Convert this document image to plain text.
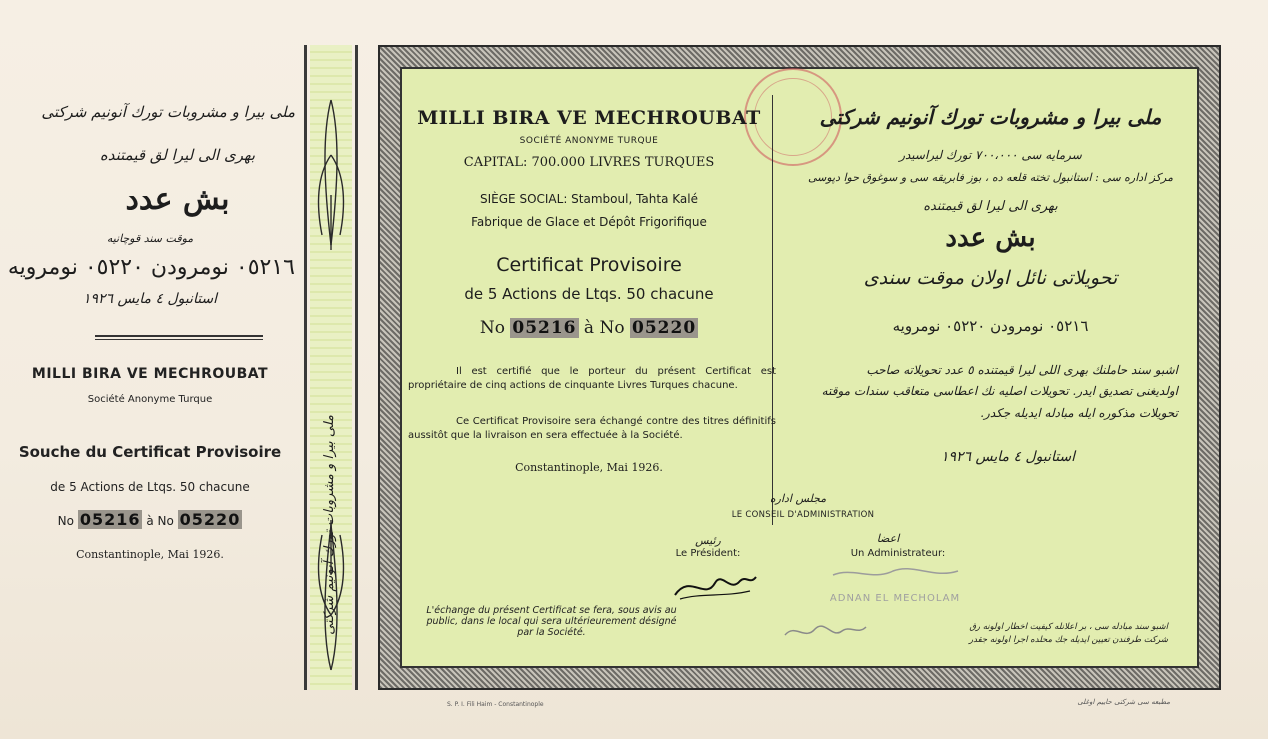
ملی بیرا و مشروبات تورك آنونیم شركتی
بهری الی لیرا لق قیمتنده
بش عدد
موقت سند قوچانیه
٠٥٢١٦ نومرودن ٠٥٢٢٠ نومرویه
استانبول ٤ مایس ١٩٢٦
MILLI BIRA VE MECHROUBAT
Société Anonyme Turque
Souche du Certificat Provisoire
de 5 Actions de Ltqs. 50 chacune
No 05216 à No 05220
Constantinople, Mai 1926.	ملی بیرا و مشروبات تورك آنونیم شركتی
MILLI BIRA VE MECHROUBAT
SOCIÉTÉ ANONYME TURQUE
CAPITAL: 700.000 LIVRES TURQUES
SIÈGE SOCIAL: Stamboul, Tahta Kalé
Fabrique de Glace et Dépôt Frigorifique
Certificat Provisoire
de 5 Actions de Ltqs. 50 chacune
No 05216 à No 05220
Il est certifié que le porteur du présent Certificat est propriétaire de cinq actions de cinquante Livres Turques chacune.
Ce Certificat Provisoire sera échangé contre des titres définitifs aussitôt que la livraison en sera effectuée à la Société.
Constantinople, Mai 1926.
ملی بیرا و مشروبات تورك آنونیم شركتی
سرمایه سی ٧٠٠،٠٠٠ تورك لیراسیدر
مركز اداره سی : استانبول تخته قلعه ده ، بوز فابریقه سی و سوغوق حوا دپوسی
بهری الی لیرا لق قیمتنده
بش عدد
تحویلاتی نائل اولان موقت سندی
٠٥٢١٦ نومرودن ٠٥٢٢٠ نومرویه
اشبو سند حاملنك بهری اللی لیرا قیمتنده ٥ عدد تحویلاته صاحب
اولدیغنی تصدیق ایدر. تحویلات اصلیه نك اعطاسی متعاقب سندات موقته
تحویلات مذكوره ایله مبادله ایدیله جكدر.
استانبول ٤ مایس ١٩٢٦
مجلس اداره
LE CONSEIL D'ADMINISTRATION
رئیس
Le Président:
اعضا
Un Administrateur:
ADNAN EL MECHOLAM
L'échange du présent Certificat se fera, sous avis au public, dans le local qui sera ultérieurement désigné par la Société.	اشبو سند مبادله سی ، بر اعلانله كیفیت اخطار اولونه رق
شركت طرفندن تعیین ایدیله جك محلده اجرا اولونه جقدر
S. P. I. Fili Haim - Constantinople	مطبعه سی شركتی حاییم اوغلی
